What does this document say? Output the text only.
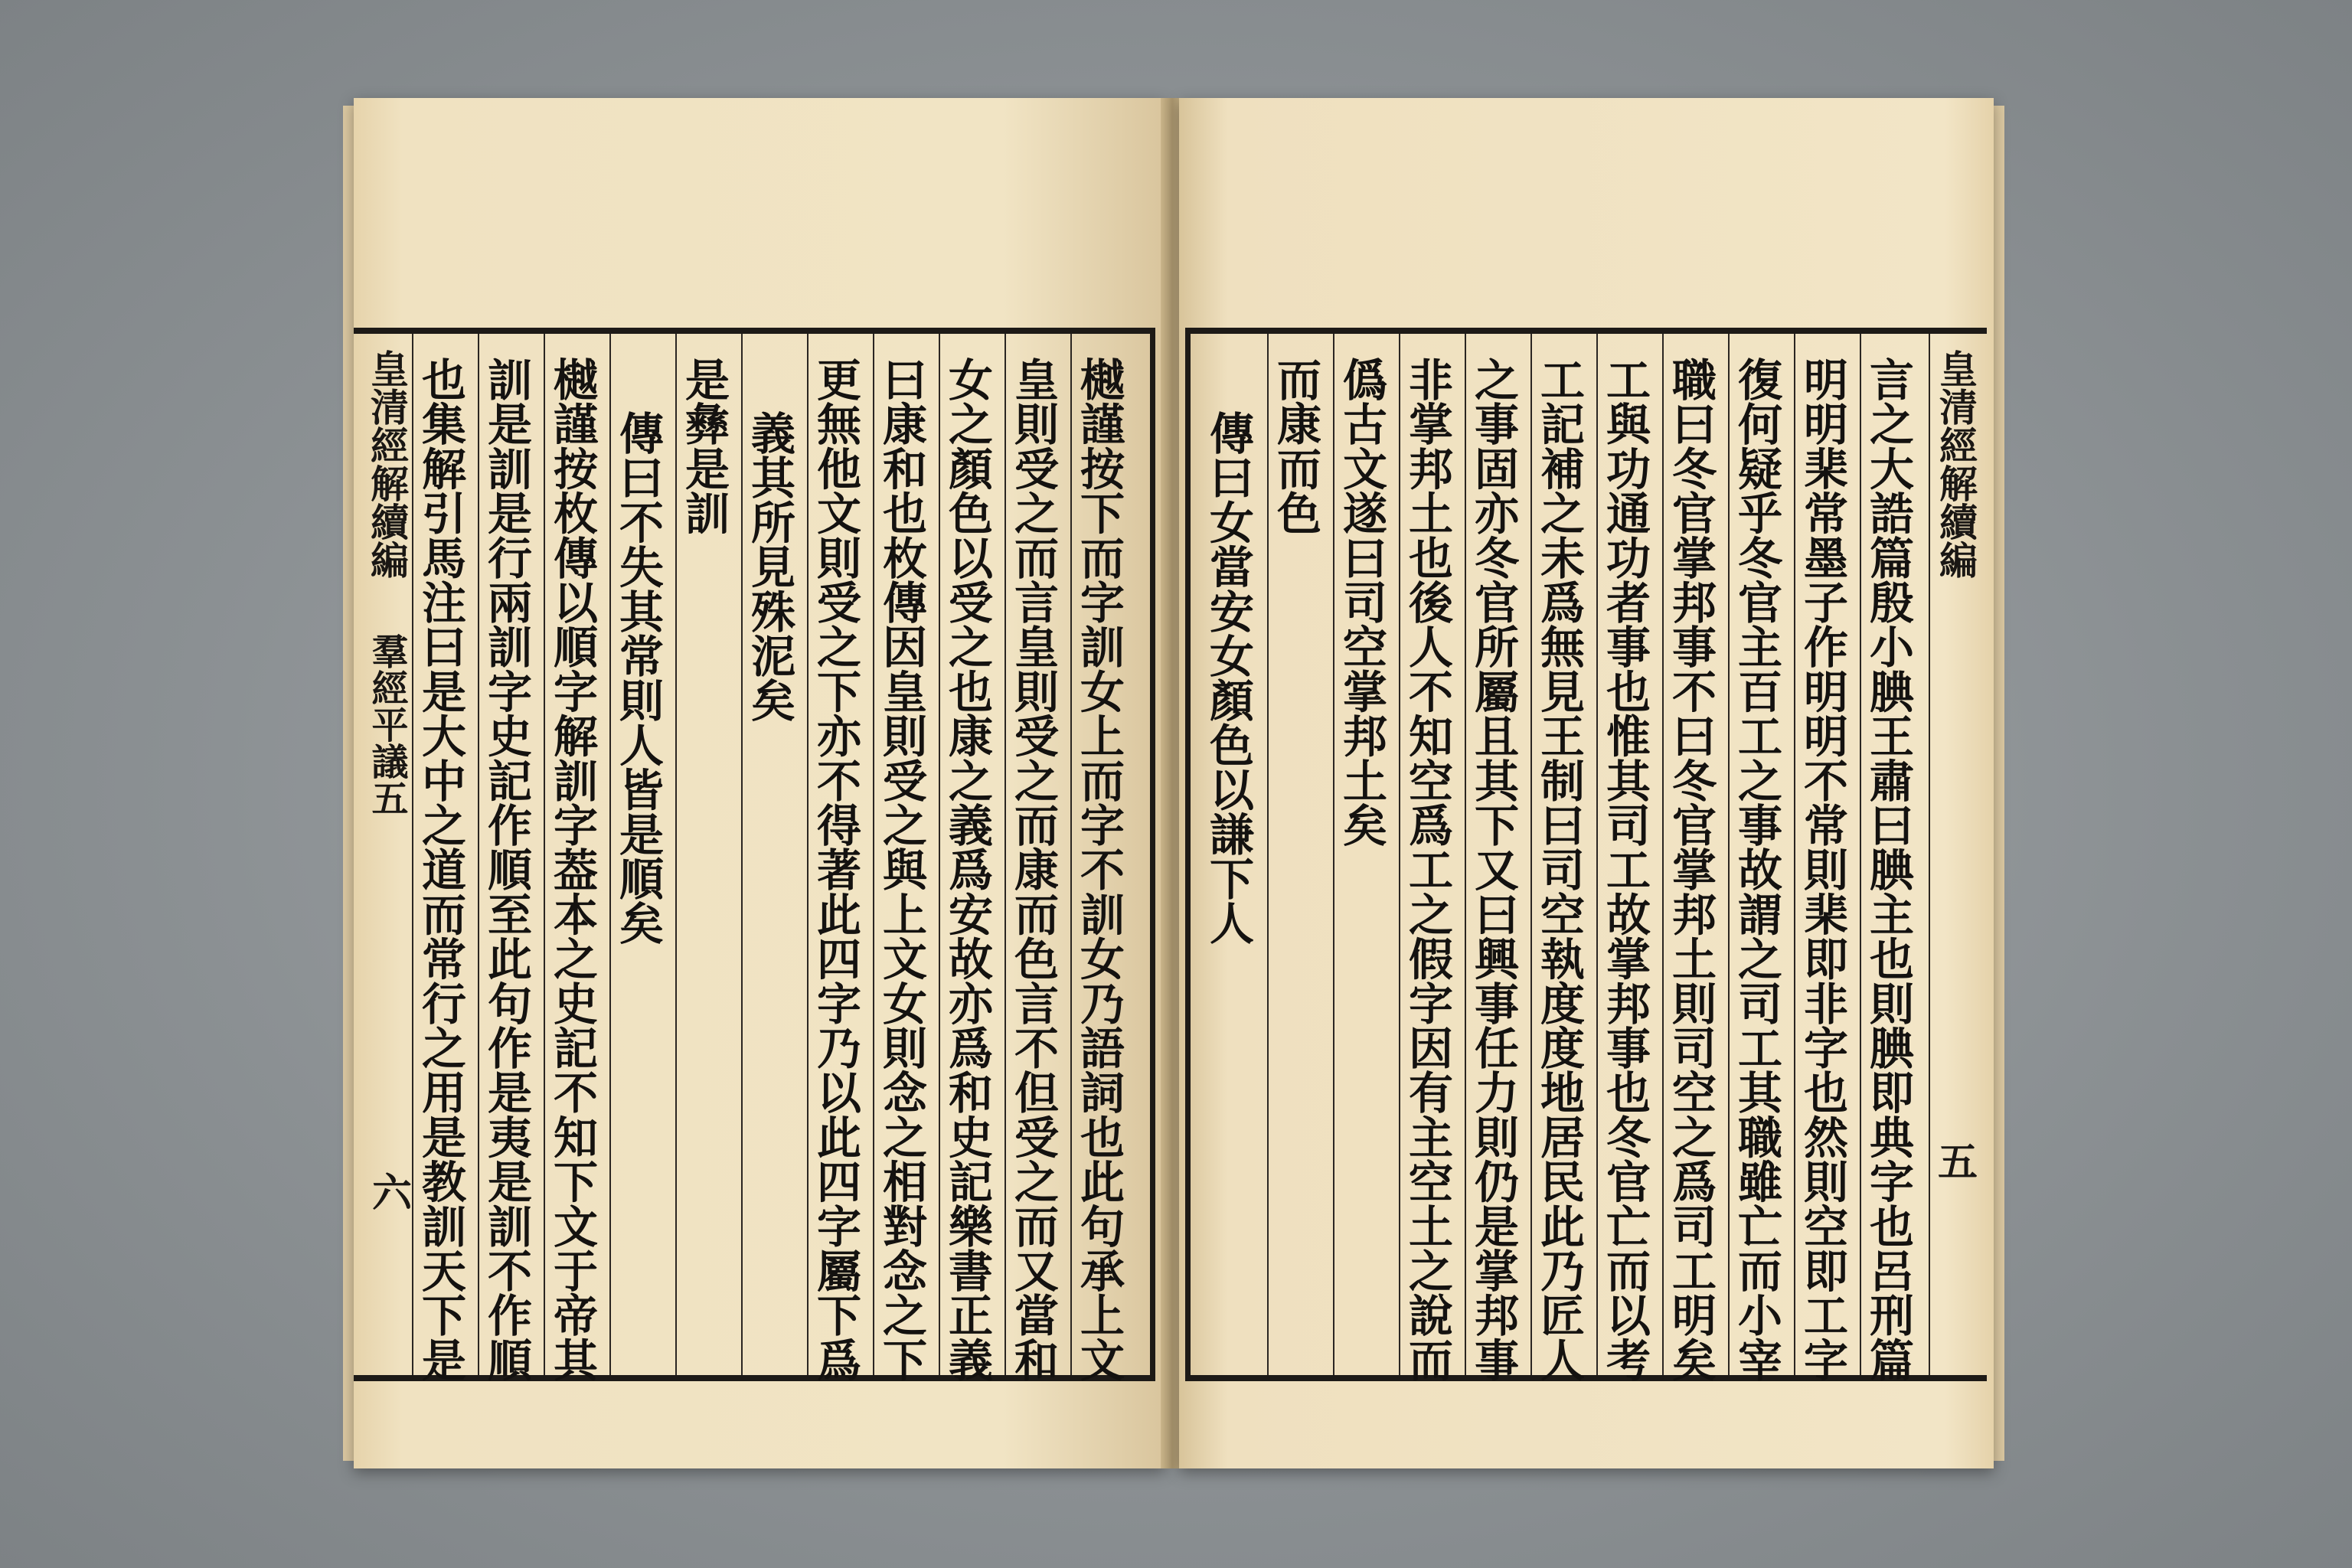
皇清經解續編
羣經平議五
六 也集解引馬注曰是大中之道而常行之用是教訓天下是 訓是訓是行兩訓字史記作順至此句作是夷是訓不作順 樾謹按枚傳以順字解訓字葢本之史記不知下文于帝其 傳曰不失其常則人皆是順矣 是彝是訓 義其所見殊泥矣 更無他文則受之下亦不得著此四字乃以此四字屬下爲 曰康和也枚傳因皇則受之與上文女則念之相對念之下 女之顏色以受之也康之義爲安故亦爲和史記樂書正義 皇則受之而言皇則受之而康而色言不但受之而又當和 樾謹按下而字訓女上而字不訓女乃語詞也此句承上文 傳曰女當安女顏色以謙下人 而康而色 僞古文遂曰司空掌邦土矣 非掌邦土也後人不知空爲工之假字因有主空土之說而 之事固亦冬官所屬且其下又曰興事任力則仍是掌邦事 工記補之未爲無見王制曰司空執度度地居民此乃匠人 工與功通功者事也惟其司工故掌邦事也冬官亡而以考 職曰冬官掌邦事不曰冬官掌邦土則司空之爲司工明矣 復何疑乎冬官主百工之事故謂之司工其職雖亡而小宰 明明棐常墨子作明明不常則棐即非字也然則空即工字 言之大誥篇殷小腆王肅曰腆主也則腆即典字也呂刑篇 皇清經解續編
五
